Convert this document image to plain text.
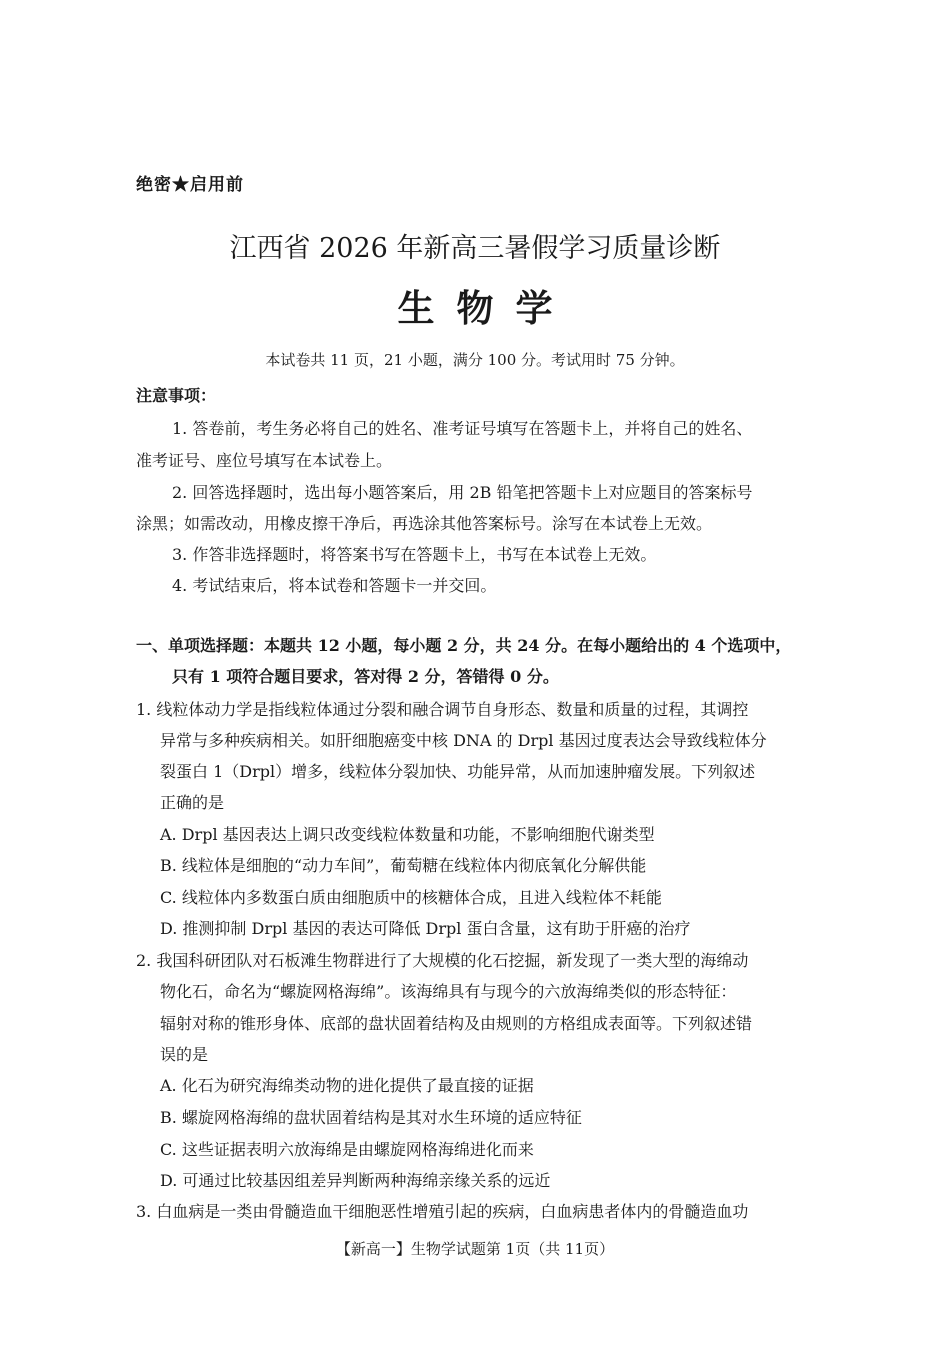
绝密★启用前
江西省 2026 年新高三暑假学习质量诊断
生物学
本试卷共 11 页，21 小题，满分 100 分。考试用时 75 分钟。
注意事项：
1. 答卷前，考生务必将自己的姓名、准考证号填写在答题卡上，并将自己的姓名、
准考证号、座位号填写在本试卷上。
2. 回答选择题时，选出每小题答案后，用 2B 铅笔把答题卡上对应题目的答案标号
涂黑；如需改动，用橡皮擦干净后，再选涂其他答案标号。涂写在本试卷上无效。
3. 作答非选择题时，将答案书写在答题卡上，书写在本试卷上无效。
4. 考试结束后，将本试卷和答题卡一并交回。
一、单项选择题：本题共 12 小题，每小题 2 分，共 24 分。在每小题给出的 4 个选项中，
只有 1 项符合题目要求，答对得 2 分，答错得 0 分。
1. 线粒体动力学是指线粒体通过分裂和融合调节自身形态、数量和质量的过程，其调控
异常与多种疾病相关。如肝细胞癌变中核 DNA 的 Drpl 基因过度表达会导致线粒体分
裂蛋白 1（Drpl）增多，线粒体分裂加快、功能异常，从而加速肿瘤发展。下列叙述
正确的是
A. Drpl 基因表达上调只改变线粒体数量和功能，不影响细胞代谢类型
B. 线粒体是细胞的“动力车间”，葡萄糖在线粒体内彻底氧化分解供能
C. 线粒体内多数蛋白质由细胞质中的核糖体合成，且进入线粒体不耗能
D. 推测抑制 Drpl 基因的表达可降低 Drpl 蛋白含量，这有助于肝癌的治疗
2. 我国科研团队对石板滩生物群进行了大规模的化石挖掘，新发现了一类大型的海绵动
物化石，命名为“螺旋网格海绵”。该海绵具有与现今的六放海绵类似的形态特征：
辐射对称的锥形身体、底部的盘状固着结构及由规则的方格组成表面等。下列叙述错
误的是
A. 化石为研究海绵类动物的进化提供了最直接的证据
B. 螺旋网格海绵的盘状固着结构是其对水生环境的适应特征
C. 这些证据表明六放海绵是由螺旋网格海绵进化而来
D. 可通过比较基因组差异判断两种海绵亲缘关系的远近
3. 白血病是一类由骨髓造血干细胞恶性增殖引起的疾病，白血病患者体内的骨髓造血功
【新高一】生物学试题第 1页（共 11页）
